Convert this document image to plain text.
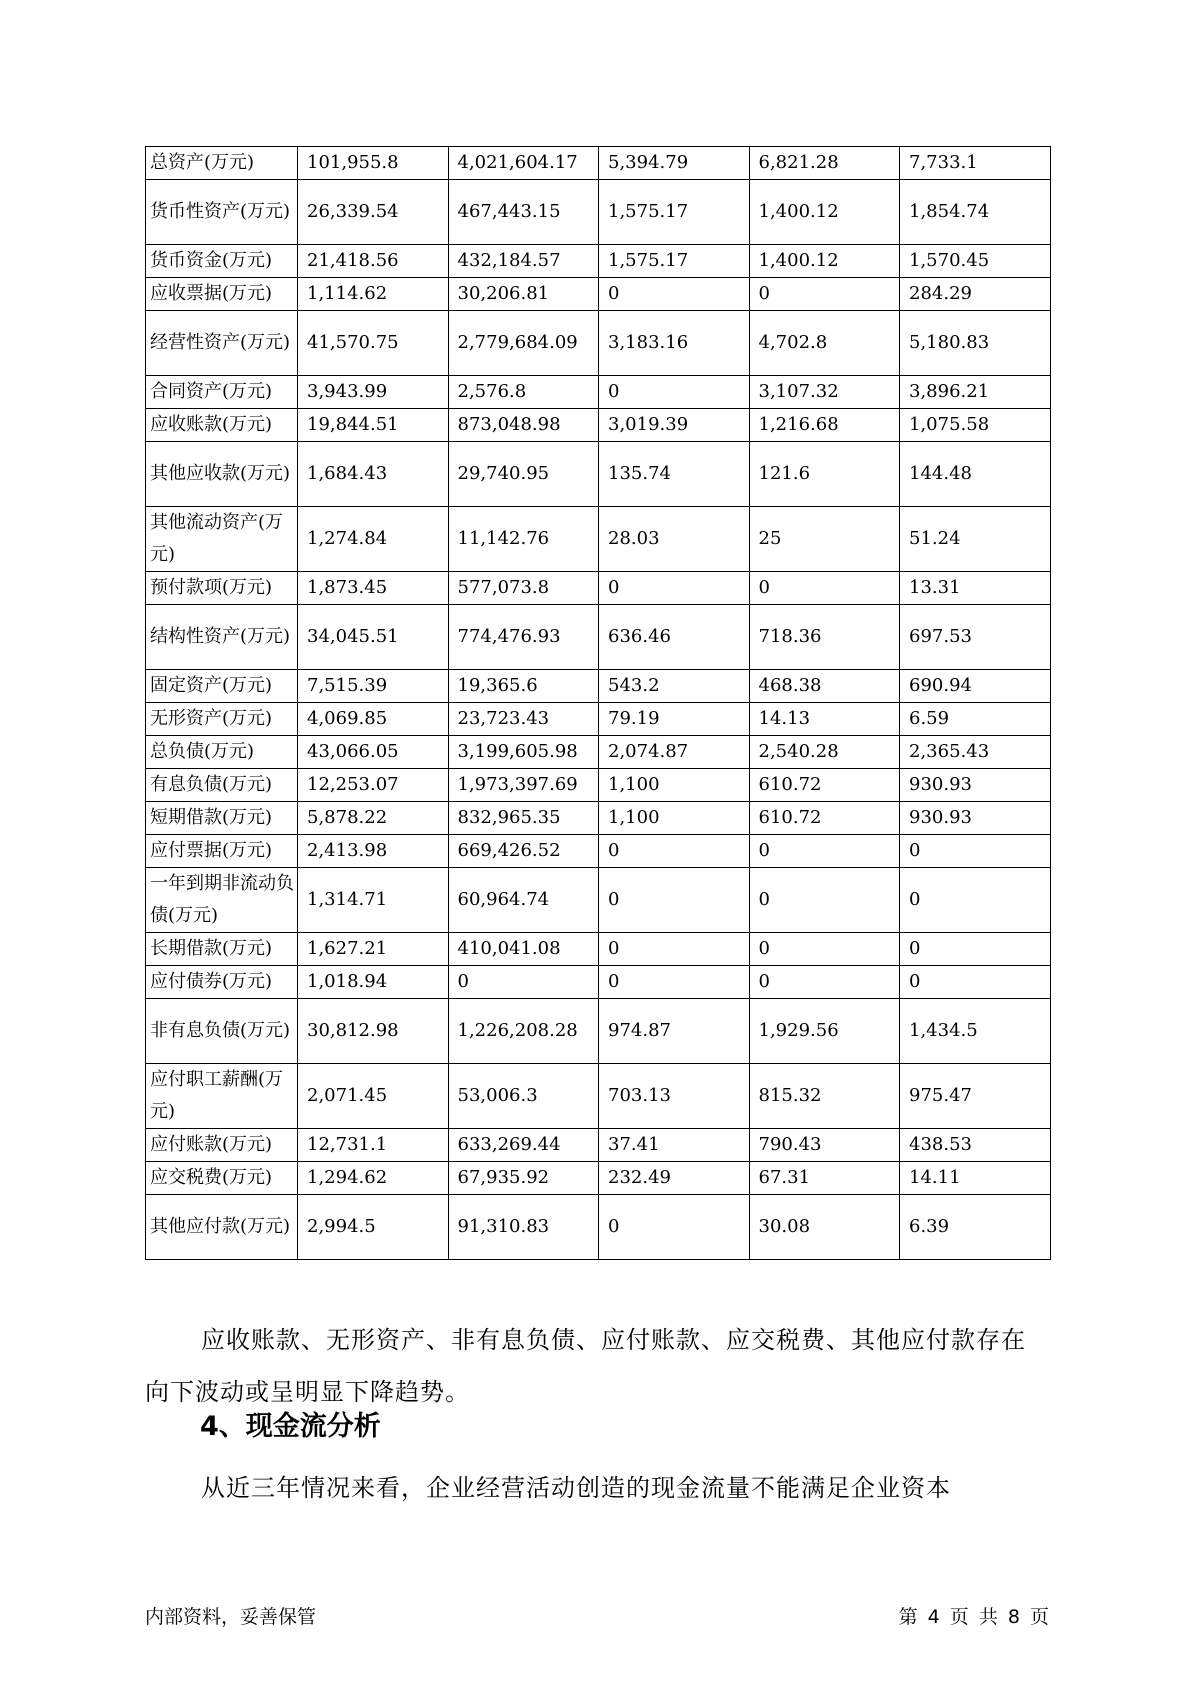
总资产(万元)	101,955.8	4,021,604.17	5,394.79	6,821.28	7,733.1
货币性资产(万元)	26,339.54	467,443.15	1,575.17	1,400.12	1,854.74
货币资金(万元)	21,418.56	432,184.57	1,575.17	1,400.12	1,570.45
应收票据(万元)	1,114.62	30,206.81	0	0	284.29
经营性资产(万元)	41,570.75	2,779,684.09	3,183.16	4,702.8	5,180.83
合同资产(万元)	3,943.99	2,576.8	0	3,107.32	3,896.21
应收账款(万元)	19,844.51	873,048.98	3,019.39	1,216.68	1,075.58
其他应收款(万元)	1,684.43	29,740.95	135.74	121.6	144.48
其他流动资产(万元)	1,274.84	11,142.76	28.03	25	51.24
预付款项(万元)	1,873.45	577,073.8	0	0	13.31
结构性资产(万元)	34,045.51	774,476.93	636.46	718.36	697.53
固定资产(万元)	7,515.39	19,365.6	543.2	468.38	690.94
无形资产(万元)	4,069.85	23,723.43	79.19	14.13	6.59
总负债(万元)	43,066.05	3,199,605.98	2,074.87	2,540.28	2,365.43
有息负债(万元)	12,253.07	1,973,397.69	1,100	610.72	930.93
短期借款(万元)	5,878.22	832,965.35	1,100	610.72	930.93
应付票据(万元)	2,413.98	669,426.52	0	0	0
一年到期非流动负债(万元)	1,314.71	60,964.74	0	0	0
长期借款(万元)	1,627.21	410,041.08	0	0	0
应付债券(万元)	1,018.94	0	0	0	0
非有息负债(万元)	30,812.98	1,226,208.28	974.87	1,929.56	1,434.5
应付职工薪酬(万元)	2,071.45	53,006.3	703.13	815.32	975.47
应付账款(万元)	12,731.1	633,269.44	37.41	790.43	438.53
应交税费(万元)	1,294.62	67,935.92	232.49	67.31	14.11
其他应付款(万元)	2,994.5	91,310.83	0	30.08	6.39

应收账款、无形资产、非有息负债、应付账款、应交税费、其他应付款存在向下波动或呈明显下降趋势。

4、现金流分析

从近三年情况来看，企业经营活动创造的现金流量不能满足企业资本

内部资料，妥善保管	第 4 页 共 8 页
